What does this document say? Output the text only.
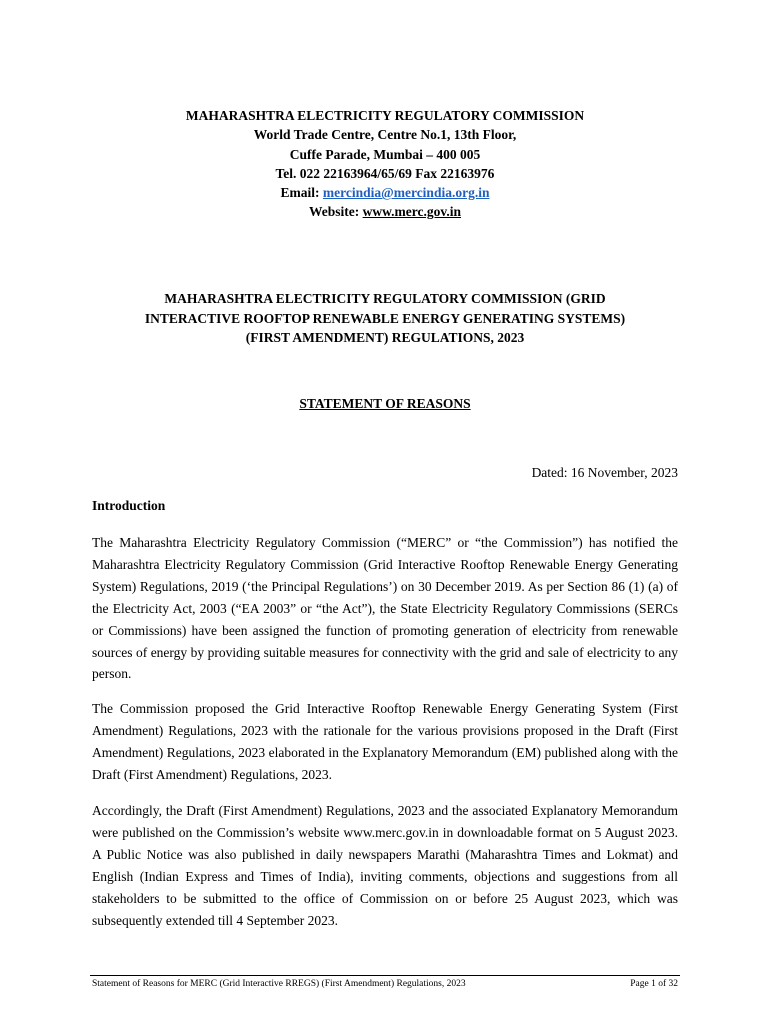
MAHARASHTRA ELECTRICITY REGULATORY COMMISSION
World Trade Centre, Centre No.1, 13th Floor,
Cuffe Parade, Mumbai – 400 005
Tel. 022 22163964/65/69 Fax 22163976
Email: mercindia@mercindia.org.in
Website: www.merc.gov.in
MAHARASHTRA ELECTRICITY REGULATORY COMMISSION (GRID
INTERACTIVE ROOFTOP RENEWABLE ENERGY GENERATING SYSTEMS)
(FIRST AMENDMENT) REGULATIONS, 2023
STATEMENT OF REASONS
Dated: 16 November, 2023
Introduction
The Maharashtra Electricity Regulatory Commission (“MERC” or “the Commission”) has notified the Maharashtra Electricity Regulatory Commission (Grid Interactive Rooftop Renewable Energy Generating System) Regulations, 2019 (‘the Principal Regulations’) on 30 December 2019. As per Section 86 (1) (a) of the Electricity Act, 2003 (“EA 2003” or “the Act”), the State Electricity Regulatory Commissions (SERCs or Commissions) have been assigned the function of promoting generation of electricity from renewable sources of energy by providing suitable measures for connectivity with the grid and sale of electricity to any person.
The Commission proposed the Grid Interactive Rooftop Renewable Energy Generating System (First Amendment) Regulations, 2023 with the rationale for the various provisions proposed in the Draft (First Amendment) Regulations, 2023 elaborated in the Explanatory Memorandum (EM) published along with the Draft (First Amendment) Regulations, 2023.
Accordingly, the Draft (First Amendment) Regulations, 2023 and the associated Explanatory Memorandum were published on the Commission’s website www.merc.gov.in in downloadable format on 5 August 2023. A Public Notice was also published in daily newspapers Marathi (Maharashtra Times and Lokmat) and English (Indian Express and Times of India), inviting comments, objections and suggestions from all stakeholders to be submitted to the office of Commission on or before 25 August 2023, which was subsequently extended till 4 September 2023.
Statement of Reasons for MERC (Grid Interactive RREGS) (First Amendment) Regulations, 2023	Page 1 of 32
